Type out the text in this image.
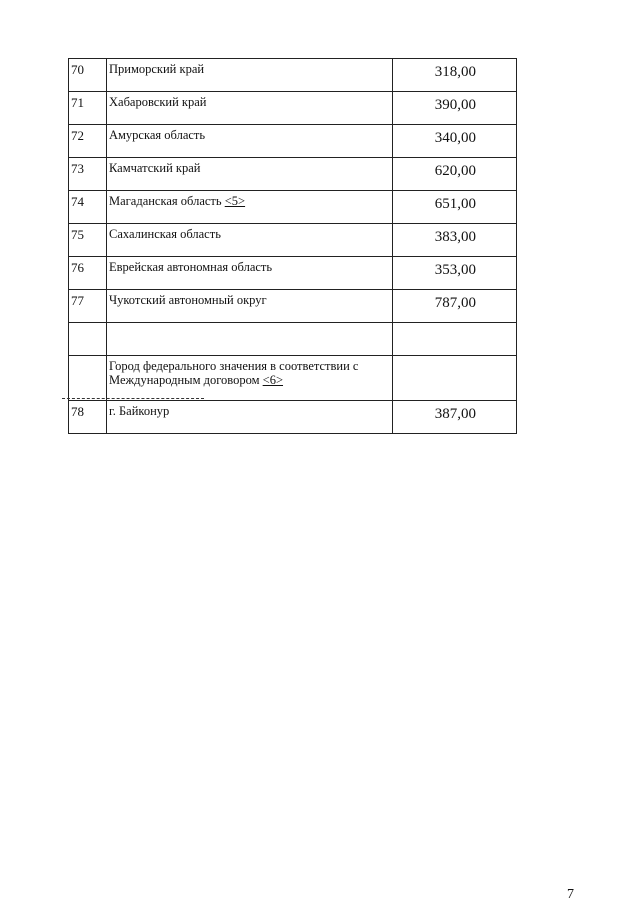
70	Приморский край	318,00
71	Хабаровский край	390,00
72	Амурская область	340,00
73	Камчатский край	620,00
74	Магаданская область <5>	651,00
75	Сахалинская область	383,00
76	Еврейская автономная область	353,00
77	Чукотский автономный округ	787,00

	Город федерального значения в соответствии с Международным договором <6>	
78	г. Байконур	387,00
7
